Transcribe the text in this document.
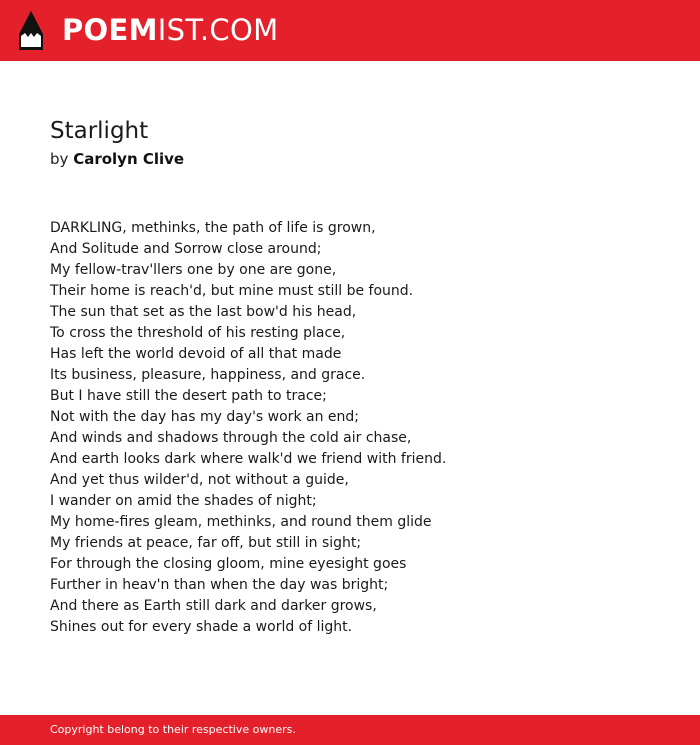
POEMIST.COM
Starlight
by Carolyn Clive
DARKLING, methinks, the path of life is grown,
And Solitude and Sorrow close around;
My fellow-trav'llers one by one are gone,
Their home is reach'd, but mine must still be found.
The sun that set as the last bow'd his head,
To cross the threshold of his resting place,
Has left the world devoid of all that made
Its business, pleasure, happiness, and grace.
But I have still the desert path to trace;
Not with the day has my day's work an end;
And winds and shadows through the cold air chase,
And earth looks dark where walk'd we friend with friend.
And yet thus wilder'd, not without a guide,
I wander on amid the shades of night;
My home-fires gleam, methinks, and round them glide
My friends at peace, far off, but still in sight;
For through the closing gloom, mine eyesight goes
Further in heav'n than when the day was bright;
And there as Earth still dark and darker grows,
Shines out for every shade a world of light.
Copyright belong to their respective owners.
